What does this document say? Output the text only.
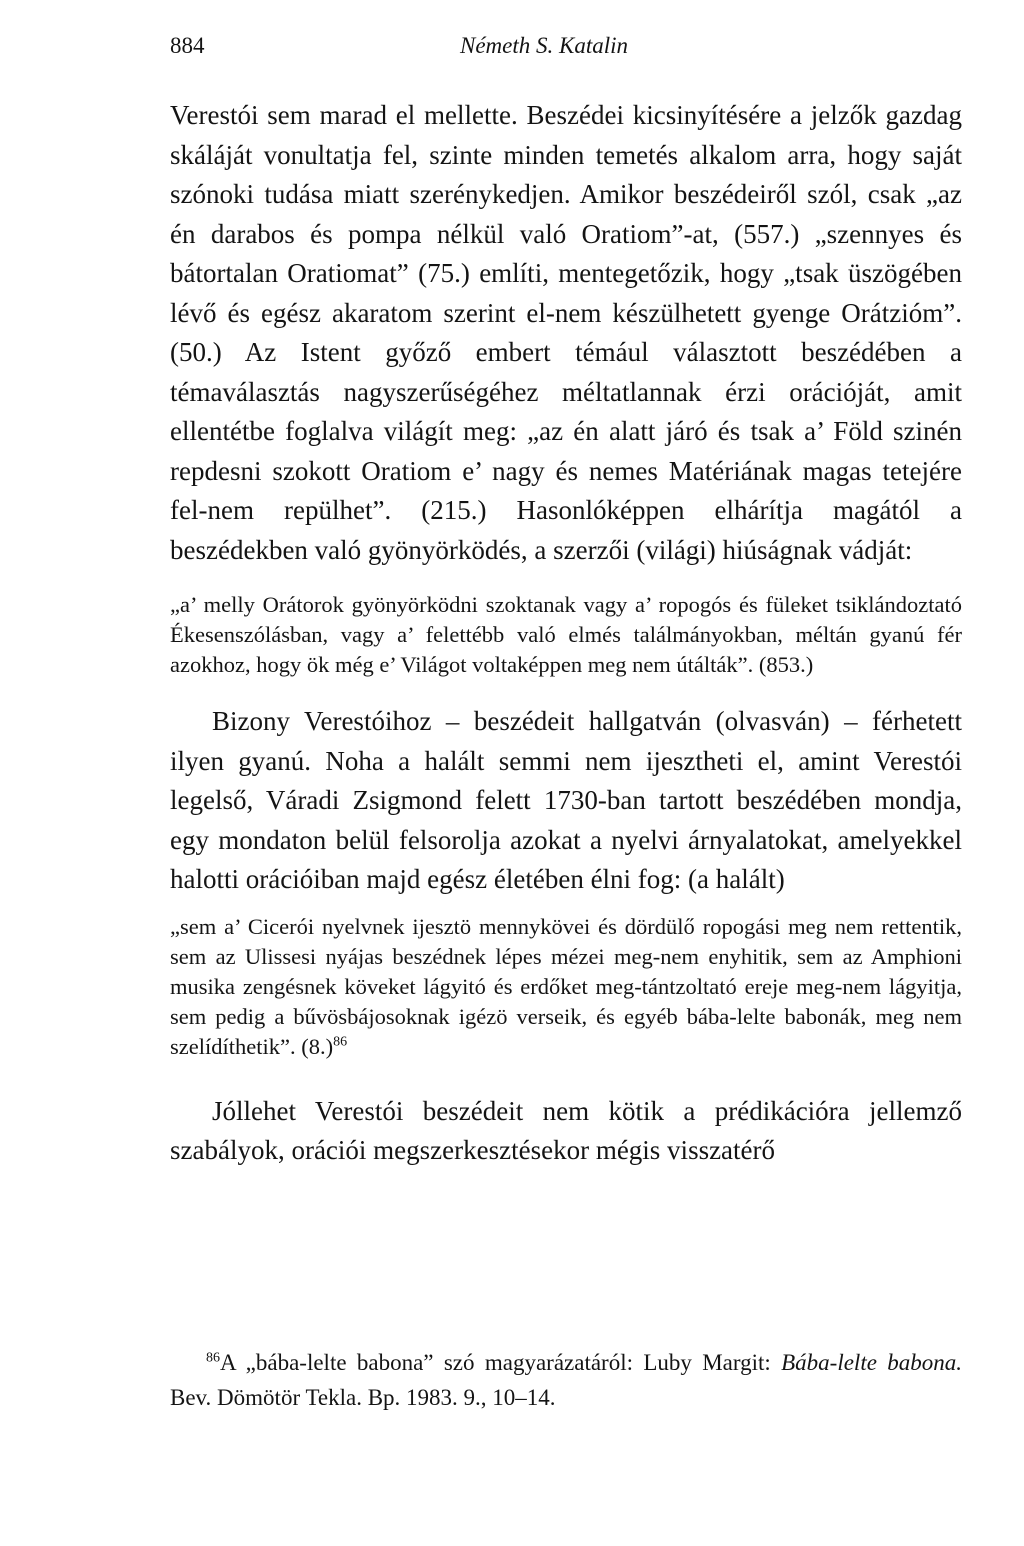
884	Németh S. Katalin

Verestói sem marad el mellette. Beszédei kicsinyítésére a jelzők gazdag skáláját vonultatja fel, szinte minden temetés alkalom arra, hogy saját szónoki tudása miatt szerénykedjen. Amikor beszédeiről szól, csak „az én darabos és pompa nélkül való Oratiom”-at, (557.) „szennyes és bátortalan Oratiomat” (75.) említi, mentegetőzik, hogy „tsak üszögében lévő és egész akaratom szerint el-nem készülhetett gyenge Orátzióm”. (50.) Az Istent győző embert témául választott beszédében a témaválasztás nagyszerűségéhez méltatlannak érzi orációját, amit ellentétbe foglalva világít meg: „az én alatt járó és tsak a’ Föld szinén repdesni szokott Oratiom e’ nagy és nemes Matériának magas tetejére fel-nem repülhet”. (215.) Hasonlóképpen elhárítja magától a beszédekben való gyönyörködés, a szerzői (világi) hiúságnak vádját:

„a’ melly Orátorok gyönyörködni szoktanak vagy a’ ropogós és füleket tsiklándoztató Ékesenszólásban, vagy a’ felettébb való elmés találmányokban, méltán gyanú fér azokhoz, hogy ök még e’ Világot voltaképpen meg nem útálták”. (853.)

Bizony Verestóihoz – beszédeit hallgatván (olvasván) – férhetett ilyen gyanú. Noha a halált semmi nem ijesztheti el, amint Verestói legelső, Váradi Zsigmond felett 1730-ban tartott beszédében mondja, egy mondaton belül felsorolja azokat a nyelvi árnyalatokat, amelyekkel halotti orációiban majd egész életében élni fog: (a halált)

„sem a’ Cicerói nyelvnek ijesztö mennykövei és dördülő ropogási meg nem rettentik, sem az Ulissesi nyájas beszédnek lépes mézei meg-nem enyhitik, sem az Amphioni musika zengésnek köveket lágyitó és erdőket meg-tántzoltató ereje meg-nem lágyitja, sem pedig a bűvösbájosoknak igézö verseik, és egyéb bába-lelte babonák, meg nem szelídíthetik”. (8.)$^{86}$

Jóllehet Verestói beszédeit nem kötik a prédikációra jellemző szabályok, orációi megszerkesztésekor mégis visszatérő

$^{86}$A „bába-lelte babona” szó magyarázatáról: Luby Margit: Bába-lelte babona. Bev. Dömötör Tekla. Bp. 1983. 9., 10–14.
